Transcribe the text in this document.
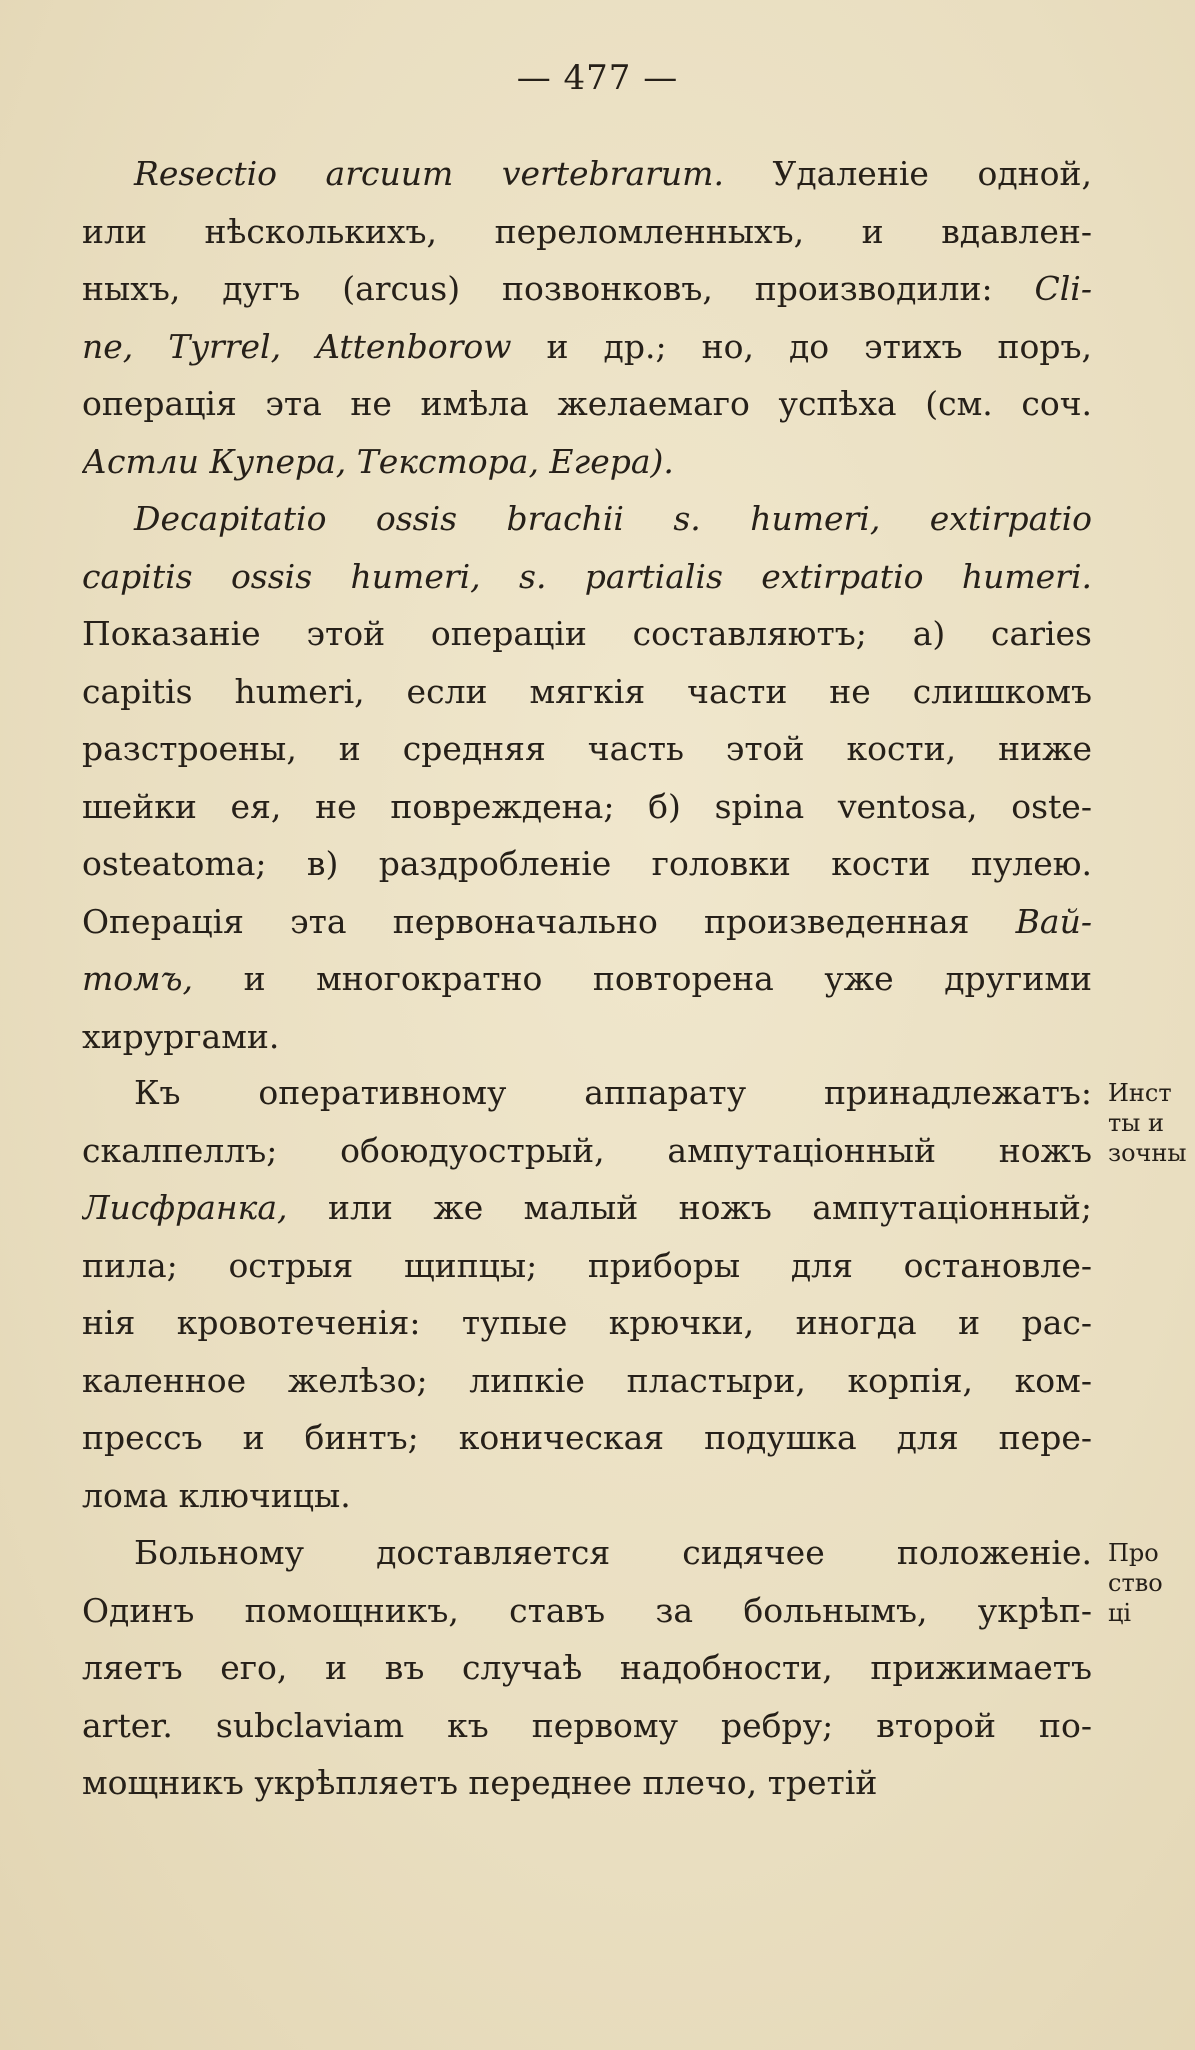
— 477 —
Resectio arcuum vertebrarum. Удаленіе одной,
или нѣсколькихъ, переломленныхъ, и вдавлен-
ныхъ, дугъ (arcus) позвонковъ, производили: Cli-
ne, Tyrrel, Attenborow и др.; но, до этихъ поръ,
операція эта не имѣла желаемаго успѣха (см. соч.
Астли Купера, Текстора, Егера).
Decapitatio ossis brachii s. humeri, extirpatio
capitis ossis humeri, s. partialis extirpatio humeri.
Показаніе этой операціи составляютъ; а) caries
capitis humeri, если мягкія части не слишкомъ
разстроены, и средняя часть этой кости, ниже
шейки ея, не повреждена; б) spina ventosa, oste-
osteatoma; в) раздробленіе головки кости пулею.
Операція эта первоначально произведенная Вай-
томъ, и многократно повторена уже другими
хирургами.
Къ оперативному аппарату принадлежатъ:
скалпеллъ; обоюдуострый, ампутаціонный ножъ
Лисфранка, или же малый ножъ ампутаціонный;
пила; острыя щипцы; приборы для остановле-
нія кровотеченія: тупые крючки, иногда и рас-
каленное желѣзо; липкіе пластыри, корпія, ком-
прессъ и бинтъ; коническая подушка для пере-
лома ключицы.
Больному доставляется сидячее положеніе.
Одинъ помощникъ, ставъ за больнымъ, укрѣп-
ляетъ его, и въ случаѣ надобности, прижимаетъ
arter. subclaviam къ первому ребру; второй по-
мощникъ укрѣпляетъ переднее плечо, третій
Инст
ты и
зочны
Про
ство
ці
